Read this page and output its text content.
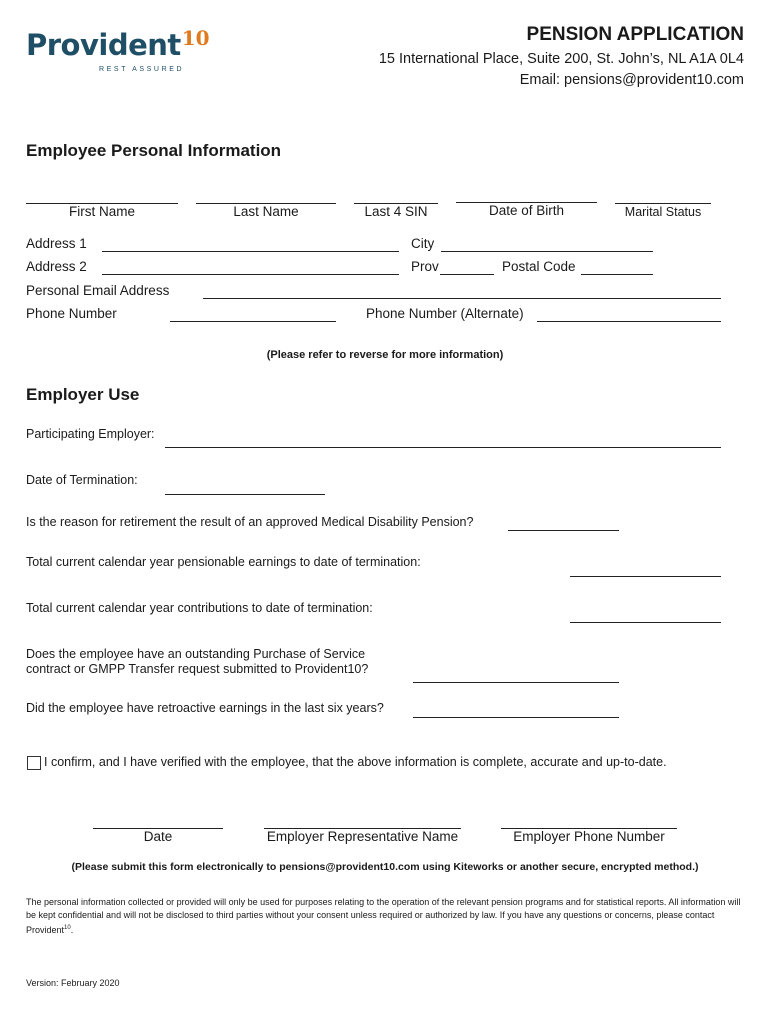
Provident10
REST ASSURED
PENSION APPLICATION
15 International Place, Suite 200, St. John’s, NL A1A 0L4
Email: pensions@provident10.com
Employee Personal Information
First Name	Last Name	Last 4 SIN	Date of Birth	Marital Status
Address 1	City
Address 2	Prov	Postal Code
Personal Email Address
Phone Number	Phone Number (Alternate)
(Please refer to reverse for more information)
Employer Use
Participating Employer:
Date of Termination:
Is the reason for retirement the result of an approved Medical Disability Pension?
Total current calendar year pensionable earnings to date of termination:
Total current calendar year contributions to date of termination:
Does the employee have an outstanding Purchase of Service
contract or GMPP Transfer request submitted to Provident10?
Did the employee have retroactive earnings in the last six years?
I confirm, and I have verified with the employee, that the above information is complete, accurate and up-to-date.
Date	Employer Representative Name	Employer Phone Number
(Please submit this form electronically to pensions@provident10.com using Kiteworks or another secure, encrypted method.)
The personal information collected or provided will only be used for purposes relating to the operation of the relevant pension programs and for statistical reports. All information will be kept confidential and will not be disclosed to third parties without your consent unless required or authorized by law. If you have any questions or concerns, please contact Provident$^{10}$.
Version: February 2020
